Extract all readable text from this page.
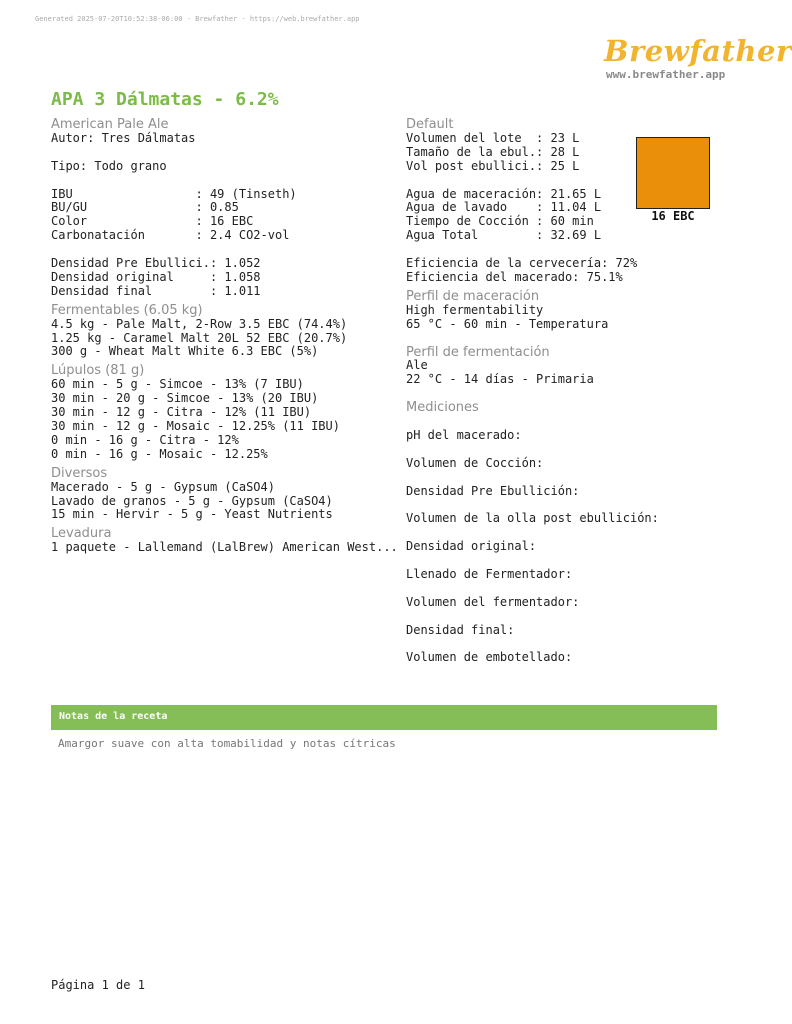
Generated 2025-07-20T10:52:38-06:00 - Brewfather - https://web.brewfather.app
Brewfather
www.brewfather.app
APA 3 Dálmatas - 6.2%
American Pale Ale
Autor: Tres Dálmatas
Tipo: Todo grano
IBU                 : 49 (Tinseth)
BU/GU               : 0.85
Color               : 16 EBC
Carbonatación       : 2.4 CO2-vol
Densidad Pre Ebullici.: 1.052
Densidad original     : 1.058
Densidad final        : 1.011
Fermentables (6.05 kg)
4.5 kg - Pale Malt, 2-Row 3.5 EBC (74.4%)
1.25 kg - Caramel Malt 20L 52 EBC (20.7%)
300 g - Wheat Malt White 6.3 EBC (5%)
Lúpulos (81 g)
60 min - 5 g - Simcoe - 13% (7 IBU)
30 min - 20 g - Simcoe - 13% (20 IBU)
30 min - 12 g - Citra - 12% (11 IBU)
30 min - 12 g - Mosaic - 12.25% (11 IBU)
0 min - 16 g - Citra - 12%
0 min - 16 g - Mosaic - 12.25%
Diversos
Macerado - 5 g - Gypsum (CaSO4)
Lavado de granos - 5 g - Gypsum (CaSO4)
15 min - Hervir - 5 g - Yeast Nutrients
Levadura
1 paquete - Lallemand (LalBrew) American West...
Default
Volumen del lote  : 23 L
Tamaño de la ebul.: 28 L
Vol post ebullici.: 25 L
Agua de maceración: 21.65 L
Agua de lavado    : 11.04 L
Tiempo de Cocción : 60 min
Agua Total        : 32.69 L
Eficiencia de la cervecería: 72%
Eficiencia del macerado: 75.1%
Perfil de maceración
High fermentability
65 °C - 60 min - Temperatura
Perfil de fermentación
Ale
22 °C - 14 días - Primaria
Mediciones
pH del macerado:
Volumen de Cocción:
Densidad Pre Ebullición:
Volumen de la olla post ebullición:
Densidad original:
Llenado de Fermentador:
Volumen del fermentador:
Densidad final:
Volumen de embotellado:
16 EBC
Notas de la receta
Amargor suave con alta tomabilidad y notas cítricas
Página 1 de 1
